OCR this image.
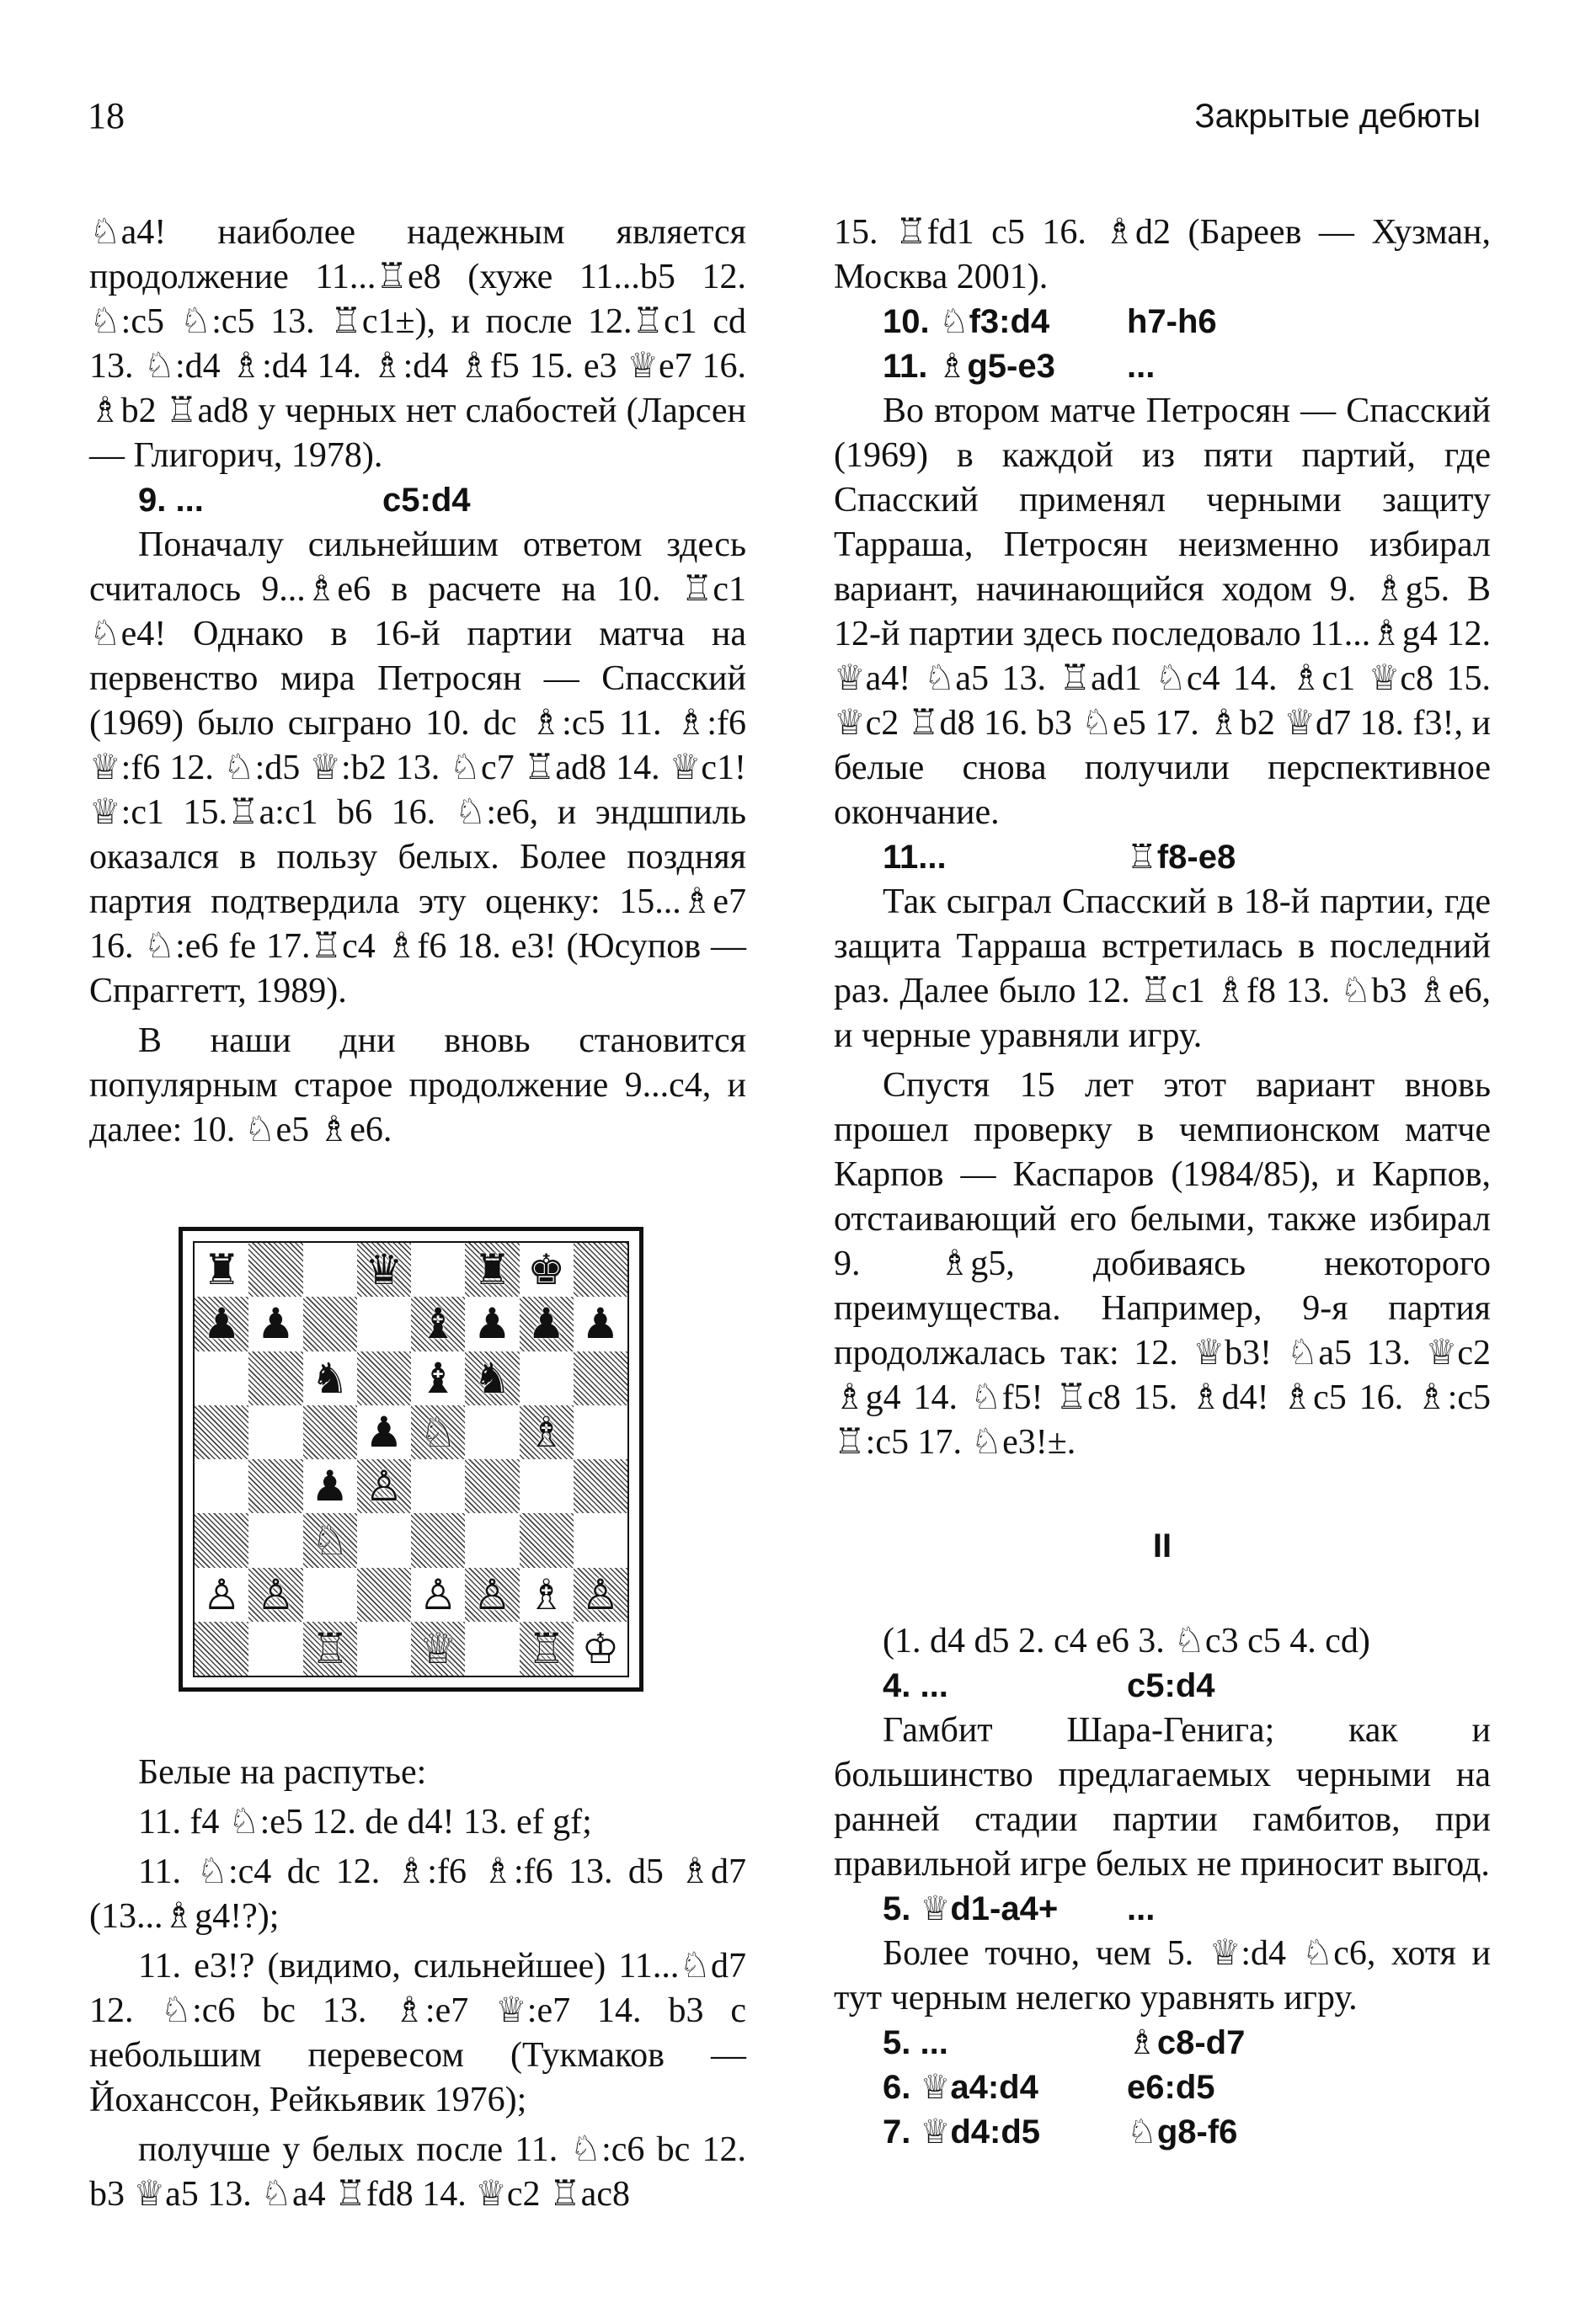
18	Закрытые дебюты

♘a4! наиболее надежным является продолжение 11...♖e8 (хуже 11...b5 12. ♘:c5 ♘:c5 13. ♖c1±), и после 12.♖c1 cd 13. ♘:d4 ♗:d4 14. ♗:d4 ♗f5 15. e3 ♕e7 16. ♗b2 ♖ad8 у черных нет слабостей (Ларсен — Глигорич, 1978).

9. ...	c5:d4

Поначалу сильнейшим ответом здесь считалось 9...♗e6 в расчете на 10. ♖c1 ♘e4! Однако в 16-й партии матча на первенство мира Петросян — Спасский (1969) было сыграно 10. dc ♗:c5 11. ♗:f6 ♕:f6 12. ♘:d5 ♕:b2 13. ♘c7 ♖ad8 14. ♕c1! ♕:c1 15.♖a:c1 b6 16. ♘:e6, и эндшпиль оказался в пользу белых. Более поздняя партия подтвердила эту оценку: 15...♗e7 16. ♘:e6 fe 17.♖c4 ♗f6 18. e3! (Юсупов — Спрaггетт, 1989).

В наши дни вновь становится популярным старое продолжение 9...c4, и далее: 10. ♘e5 ♗e6.

♜	♛ ♜ ♚
♟ ♟	♝ ♟ ♟ ♟
♞ ♝ ♞
♟ ♘ ♗
♟ ♙
♘
♙ ♙	♙ ♙ ♗ ♙
♖ ♕ ♖ ♔

Белые на распутье:

11. f4 ♘:e5 12. de d4! 13. ef gf;

11. ♘:c4 dc 12. ♗:f6 ♗:f6 13. d5 ♗d7 (13...♗g4!?);

11. e3!? (видимо, сильнейшее) 11...♘d7 12. ♘:c6 bc 13. ♗:e7 ♕:e7 14. b3 с небольшим перевесом (Тукмаков — Йохансcон, Рейкьявик 1976);

получше у белых после 11. ♘:c6 bc 12. b3 ♕a5 13. ♘a4 ♖fd8 14. ♕c2 ♖ac8

15. ♖fd1 c5 16. ♗d2 (Бареев — Хузман, Москва 2001).

10. ♘f3:d4	h7-h6
11. ♗g5-e3	...

Во втором матче Петросян — Спасский (1969) в каждой из пяти партий, где Спасский применял черными защиту Тарраша, Петросян неизменно избирал вариант, начинающийся ходом 9. ♗g5. В 12-й партии здесь последовало 11...♗g4 12. ♕a4! ♘a5 13. ♖ad1 ♘c4 14. ♗c1 ♕c8 15. ♕c2 ♖d8 16. b3 ♘e5 17. ♗b2 ♕d7 18. f3!, и белые снова получили перспективное окончание.

11...	♖f8-e8

Так сыграл Спасский в 18-й партии, где защита Тарраша встретилась в последний раз. Далее было 12. ♖c1 ♗f8 13. ♘b3 ♗e6, и черные уравняли игру.

Спустя 15 лет этот вариант вновь прошел проверку в чемпионском матче Карпов — Каспаров (1984/85), и Карпов, отстаивающий его белыми, также избирал 9. ♗g5, добиваясь некоторого преимущества. Например, 9-я партия продолжалась так: 12. ♕b3! ♘a5 13. ♕c2 ♗g4 14. ♘f5! ♖c8 15. ♗d4! ♗c5 16. ♗:c5 ♖:c5 17. ♘e3!±.

II

(1. d4 d5 2. c4 e6 3. ♘c3 c5 4. cd)

4. ...	c5:d4

Гамбит Шара-Генига; как и большинство предлагаемых черными на ранней стадии партии гамбитов, при правильной игре белых не приносит выгод.

5. ♕d1-a4+	...

Более точно, чем 5. ♕:d4 ♘c6, хотя и тут черным нелегко уравнять игру.

5. ...	♗c8-d7
6. ♕a4:d4	e6:d5
7. ♕d4:d5	♘g8-f6
